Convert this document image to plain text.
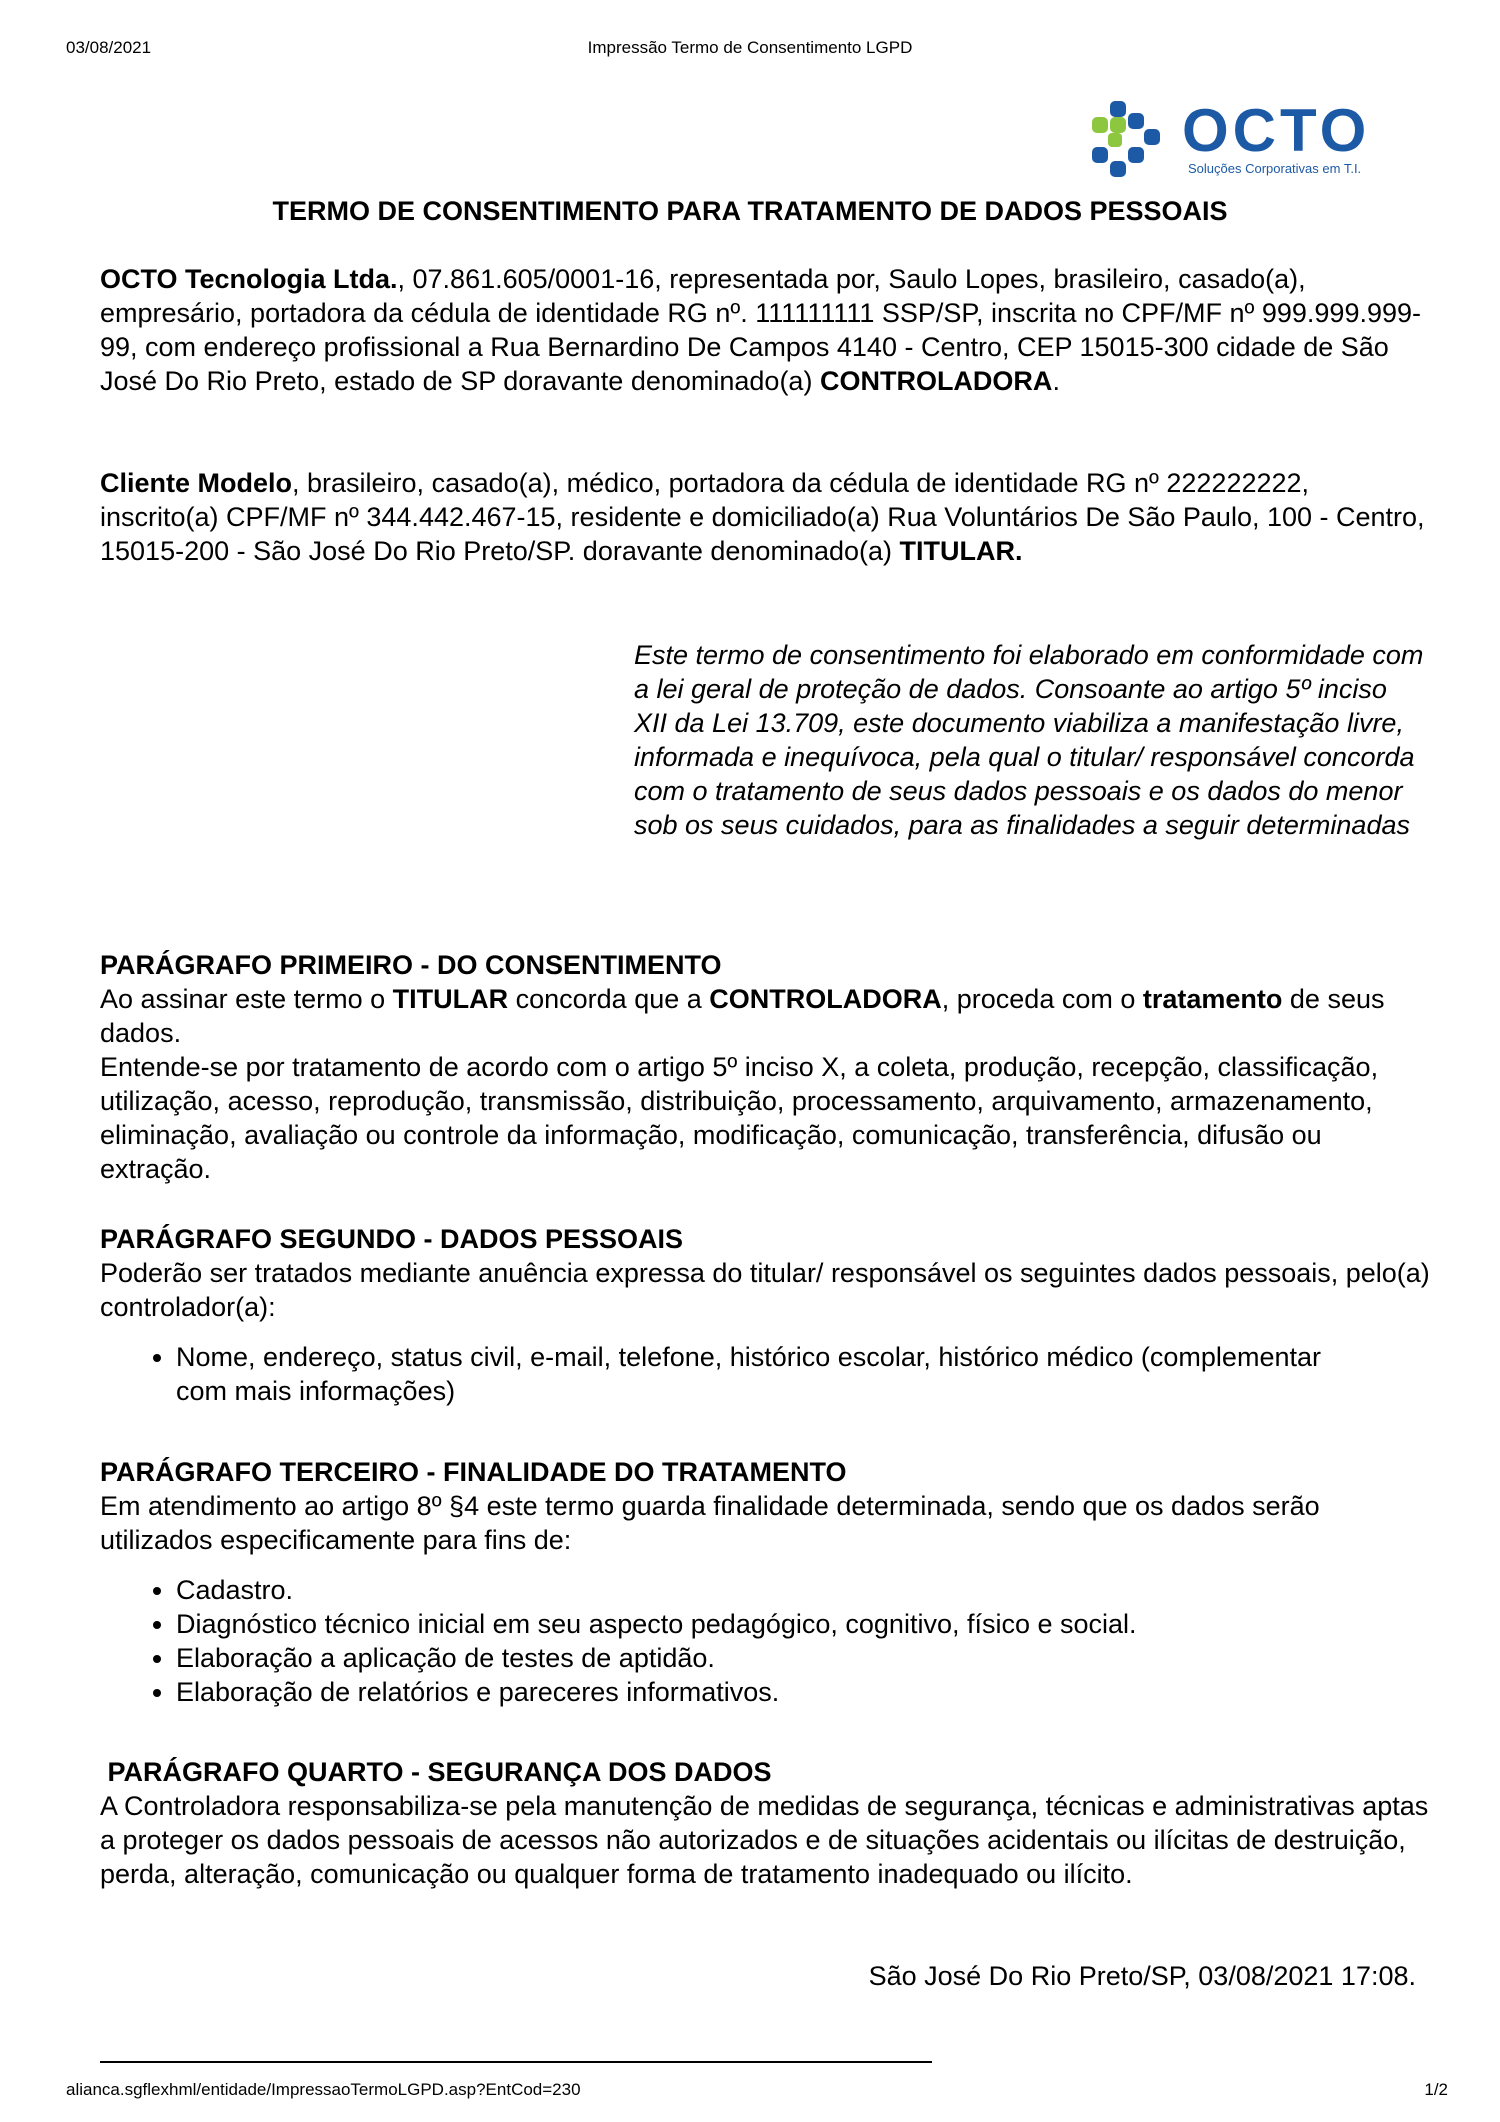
03/08/2021	Impressão Termo de Consentimento LGPD
OCTO
Soluções Corporativas em T.I.
TERMO DE CONSENTIMENTO PARA TRATAMENTO DE DADOS PESSOAIS
OCTO Tecnologia Ltda., 07.861.605/0001-16, representada por, Saulo Lopes, brasileiro, casado(a), empresário, portadora da cédula de identidade RG nº. 111111111 SSP/SP, inscrita no CPF/MF nº 999.999.999-99, com endereço profissional a Rua Bernardino De Campos 4140 - Centro, CEP 15015-300 cidade de São José Do Rio Preto, estado de SP doravante denominado(a) CONTROLADORA.
Cliente Modelo, brasileiro, casado(a), médico, portadora da cédula de identidade RG nº 222222222, inscrito(a) CPF/MF nº 344.442.467-15, residente e domiciliado(a) Rua Voluntários De São Paulo, 100 - Centro, 15015-200 - São José Do Rio Preto/SP. doravante denominado(a) TITULAR.
Este termo de consentimento foi elaborado em conformidade com a lei geral de proteção de dados. Consoante ao artigo 5º inciso XII da Lei 13.709, este documento viabiliza a manifestação livre, informada e inequívoca, pela qual o titular/ responsável concorda com o tratamento de seus dados pessoais e os dados do menor sob os seus cuidados, para as finalidades a seguir determinadas
PARÁGRAFO PRIMEIRO - DO CONSENTIMENTO
Ao assinar este termo o TITULAR concorda que a CONTROLADORA, proceda com o tratamento de seus dados.
Entende-se por tratamento de acordo com o artigo 5º inciso X, a coleta, produção, recepção, classificação, utilização, acesso, reprodução, transmissão, distribuição, processamento, arquivamento, armazenamento, eliminação, avaliação ou controle da informação, modificação, comunicação, transferência, difusão ou extração.
PARÁGRAFO SEGUNDO - DADOS PESSOAIS
Poderão ser tratados mediante anuência expressa do titular/ responsável os seguintes dados pessoais, pelo(a) controlador(a):
• Nome, endereço, status civil, e-mail, telefone, histórico escolar, histórico médico (complementar com mais informações)
PARÁGRAFO TERCEIRO - FINALIDADE DO TRATAMENTO
Em atendimento ao artigo 8º §4 este termo guarda finalidade determinada, sendo que os dados serão utilizados especificamente para fins de:
• Cadastro.
• Diagnóstico técnico inicial em seu aspecto pedagógico, cognitivo, físico e social.
• Elaboração a aplicação de testes de aptidão.
• Elaboração de relatórios e pareceres informativos.
PARÁGRAFO QUARTO - SEGURANÇA DOS DADOS
A Controladora responsabiliza-se pela manutenção de medidas de segurança, técnicas e administrativas aptas a proteger os dados pessoais de acessos não autorizados e de situações acidentais ou ilícitas de destruição, perda, alteração, comunicação ou qualquer forma de tratamento inadequado ou ilícito.
São José Do Rio Preto/SP, 03/08/2021 17:08.
alianca.sgflexhml/entidade/ImpressaoTermoLGPD.asp?EntCod=230	1/2
